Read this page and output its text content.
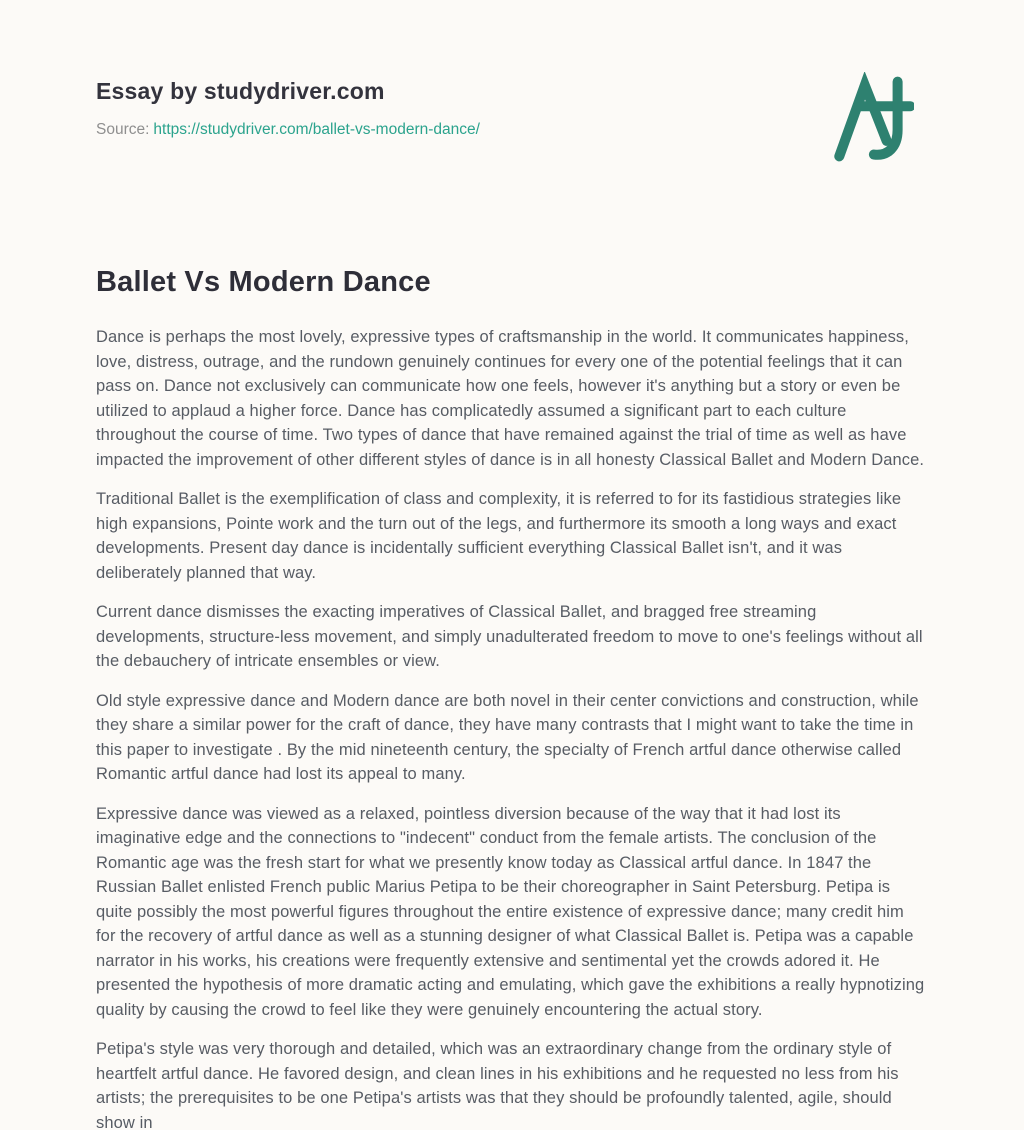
Essay by studydriver.com
Source: https://studydriver.com/ballet-vs-modern-dance/
Ballet Vs Modern Dance

Dance is perhaps the most lovely, expressive types of craftsmanship in the world. It communicates happiness, love, distress, outrage, and the rundown genuinely continues for every one of the potential feelings that it can pass on. Dance not exclusively can communicate how one feels, however it's anything but a story or even be utilized to applaud a higher force. Dance has complicatedly assumed a significant part to each culture throughout the course of time. Two types of dance that have remained against the trial of time as well as have impacted the improvement of other different styles of dance is in all honesty Classical Ballet and Modern Dance.

Traditional Ballet is the exemplification of class and complexity, it is referred to for its fastidious strategies like high expansions, Pointe work and the turn out of the legs, and furthermore its smooth a long ways and exact developments. Present day dance is incidentally sufficient everything Classical Ballet isn't, and it was deliberately planned that way.

Current dance dismisses the exacting imperatives of Classical Ballet, and bragged free streaming developments, structure-less movement, and simply unadulterated freedom to move to one's feelings without all the debauchery of intricate ensembles or view.

Old style expressive dance and Modern dance are both novel in their center convictions and construction, while they share a similar power for the craft of dance, they have many contrasts that I might want to take the time in this paper to investigate . By the mid nineteenth century, the specialty of French artful dance otherwise called Romantic artful dance had lost its appeal to many.

Expressive dance was viewed as a relaxed, pointless diversion because of the way that it had lost its imaginative edge and the connections to "indecent" conduct from the female artists. The conclusion of the Romantic age was the fresh start for what we presently know today as Classical artful dance. In 1847 the Russian Ballet enlisted French public Marius Petipa to be their choreographer in Saint Petersburg. Petipa is quite possibly the most powerful figures throughout the entire existence of expressive dance; many credit him for the recovery of artful dance as well as a stunning designer of what Classical Ballet is. Petipa was a capable narrator in his works, his creations were frequently extensive and sentimental yet the crowds adored it. He presented the hypothesis of more dramatic acting and emulating, which gave the exhibitions a really hypnotizing quality by causing the crowd to feel like they were genuinely encountering the actual story.

Petipa's style was very thorough and detailed, which was an extraordinary change from the ordinary style of heartfelt artful dance. He favored design, and clean lines in his exhibitions and he requested no less from his artists; the prerequisites to be one Petipa's artists was that they should be profoundly talented, agile, should show in
